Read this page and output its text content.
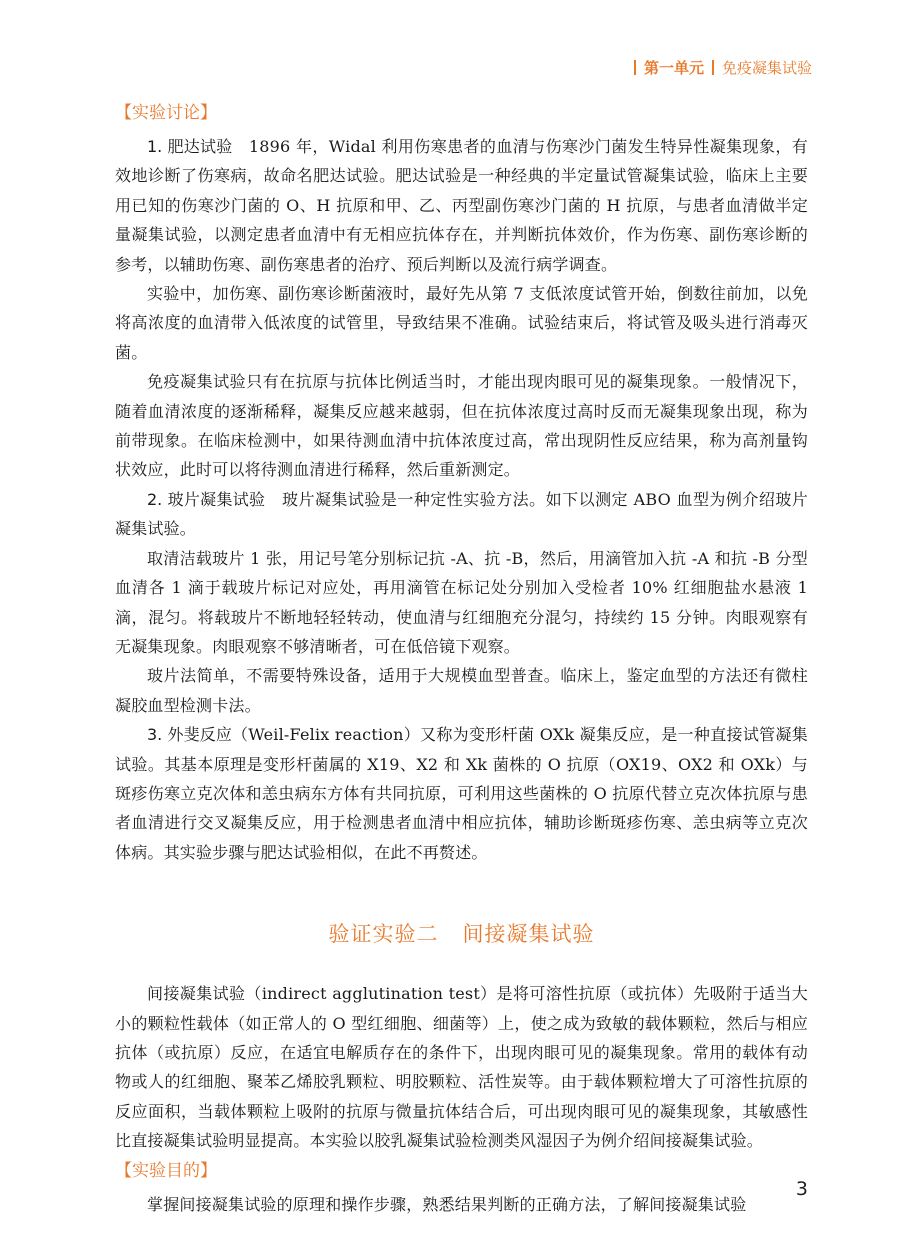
第一单元 免疫凝集试验
【实验讨论】

1. 肥达试验 1896 年，Widal 利用伤寒患者的血清与伤寒沙门菌发生特异性凝集现象，有效地诊断了伤寒病，故命名肥达试验。肥达试验是一种经典的半定量试管凝集试验，临床上主要用已知的伤寒沙门菌的 O、H 抗原和甲、乙、丙型副伤寒沙门菌的 H 抗原，与患者血清做半定量凝集试验，以测定患者血清中有无相应抗体存在，并判断抗体效价，作为伤寒、副伤寒诊断的参考，以辅助伤寒、副伤寒患者的治疗、预后判断以及流行病学调查。

实验中，加伤寒、副伤寒诊断菌液时，最好先从第 7 支低浓度试管开始，倒数往前加，以免将高浓度的血清带入低浓度的试管里，导致结果不准确。试验结束后，将试管及吸头进行消毒灭菌。

免疫凝集试验只有在抗原与抗体比例适当时，才能出现肉眼可见的凝集现象。一般情况下，随着血清浓度的逐渐稀释，凝集反应越来越弱，但在抗体浓度过高时反而无凝集现象出现，称为前带现象。在临床检测中，如果待测血清中抗体浓度过高，常出现阴性反应结果，称为高剂量钩状效应，此时可以将待测血清进行稀释，然后重新测定。

2. 玻片凝集试验 玻片凝集试验是一种定性实验方法。如下以测定 ABO 血型为例介绍玻片凝集试验。

取清洁载玻片 1 张，用记号笔分别标记抗 -A、抗 -B，然后，用滴管加入抗 -A 和抗 -B 分型血清各 1 滴于载玻片标记对应处，再用滴管在标记处分别加入受检者 10% 红细胞盐水悬液 1 滴，混匀。将载玻片不断地轻轻转动，使血清与红细胞充分混匀，持续约 15 分钟。肉眼观察有无凝集现象。肉眼观察不够清晰者，可在低倍镜下观察。

玻片法简单，不需要特殊设备，适用于大规模血型普查。临床上，鉴定血型的方法还有微柱凝胶血型检测卡法。

3. 外斐反应（Weil-Felix reaction）又称为变形杆菌 OXk 凝集反应，是一种直接试管凝集试验。其基本原理是变形杆菌属的 X19、X2 和 Xk 菌株的 O 抗原（OX19、OX2 和 OXk）与斑疹伤寒立克次体和恙虫病东方体有共同抗原，可利用这些菌株的 O 抗原代替立克次体抗原与患者血清进行交叉凝集反应，用于检测患者血清中相应抗体，辅助诊断斑疹伤寒、恙虫病等立克次体病。其实验步骤与肥达试验相似，在此不再赘述。

验证实验二 间接凝集试验

间接凝集试验（indirect agglutination test）是将可溶性抗原（或抗体）先吸附于适当大小的颗粒性载体（如正常人的 O 型红细胞、细菌等）上，使之成为致敏的载体颗粒，然后与相应抗体（或抗原）反应，在适宜电解质存在的条件下，出现肉眼可见的凝集现象。常用的载体有动物或人的红细胞、聚苯乙烯胶乳颗粒、明胶颗粒、活性炭等。由于载体颗粒增大了可溶性抗原的反应面积，当载体颗粒上吸附的抗原与微量抗体结合后，可出现肉眼可见的凝集现象，其敏感性比直接凝集试验明显提高。本实验以胶乳凝集试验检测类风湿因子为例介绍间接凝集试验。

【实验目的】

掌握间接凝集试验的原理和操作步骤，熟悉结果判断的正确方法，了解间接凝集试验

3
